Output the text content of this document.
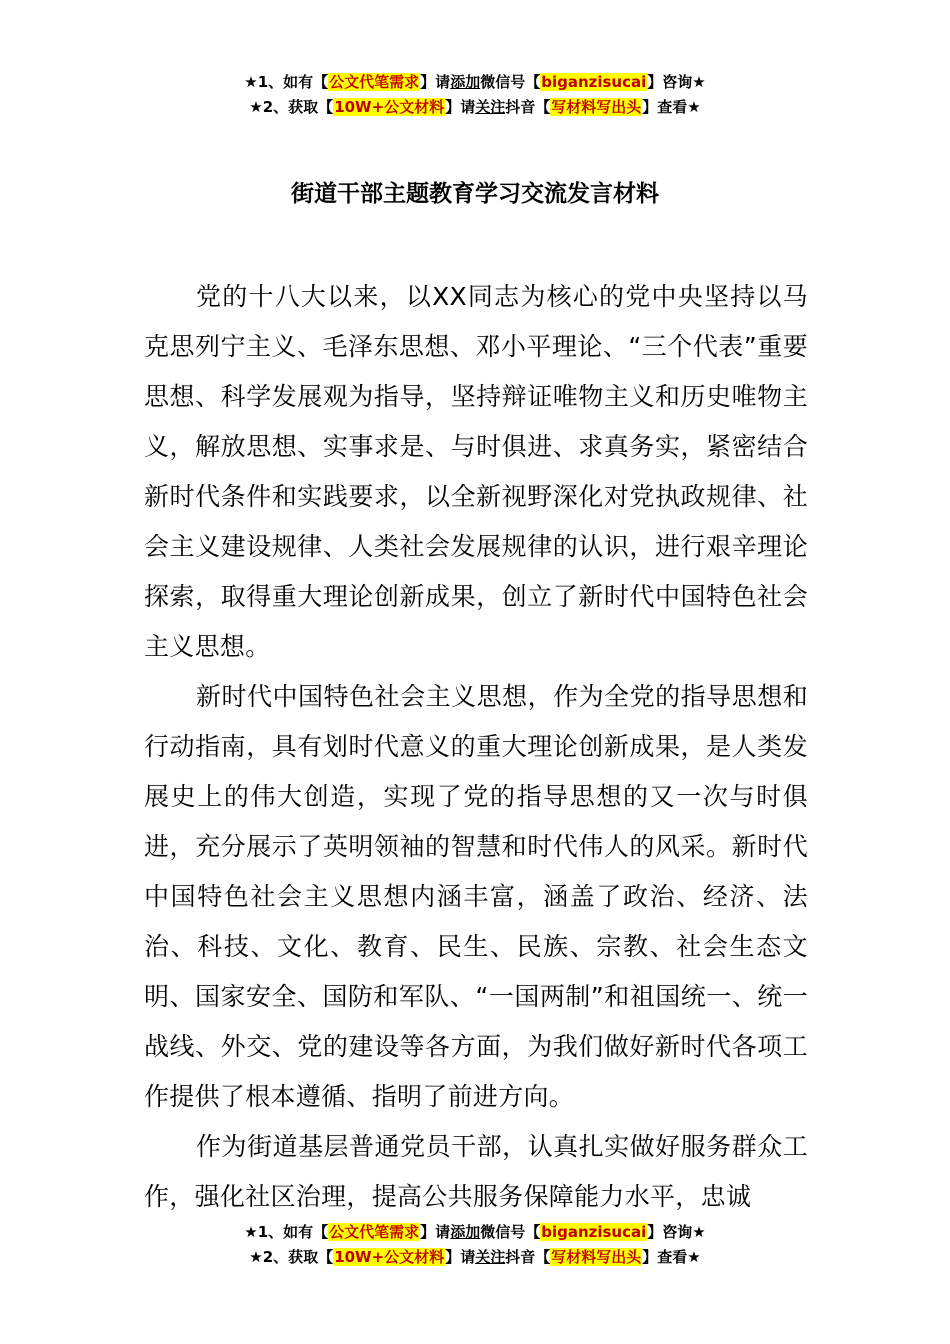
★1、如有【公文代笔需求】请添加微信号【biganzisucai】咨询★
★2、获取【10W+公文材料】请关注抖音【写材料写出头】查看★
街道干部主题教育学习交流发言材料

党的十八大以来，以XX同志为核心的党中央坚持以马克思列宁主义、毛泽东思想、邓小平理论、“三个代表”重要思想、科学发展观为指导，坚持辩证唯物主义和历史唯物主义，解放思想、实事求是、与时俱进、求真务实，紧密结合新时代条件和实践要求，以全新视野深化对党执政规律、社会主义建设规律、人类社会发展规律的认识，进行艰辛理论探索，取得重大理论创新成果，创立了新时代中国特色社会主义思想。

新时代中国特色社会主义思想，作为全党的指导思想和行动指南，具有划时代意义的重大理论创新成果，是人类发展史上的伟大创造，实现了党的指导思想的又一次与时俱进，充分展示了英明领袖的智慧和时代伟人的风采。新时代中国特色社会主义思想内涵丰富，涵盖了政治、经济、法治、科技、文化、教育、民生、民族、宗教、社会生态文明、国家安全、国防和军队、“一国两制”和祖国统一、统一战线、外交、党的建设等各方面，为我们做好新时代各项工作提供了根本遵循、指明了前进方向。

作为街道基层普通党员干部，认真扎实做好服务群众工作，强化社区治理，提高公共服务保障能力水平，忠诚

★1、如有【公文代笔需求】请添加微信号【biganzisucai】咨询★
★2、获取【10W+公文材料】请关注抖音【写材料写出头】查看★
